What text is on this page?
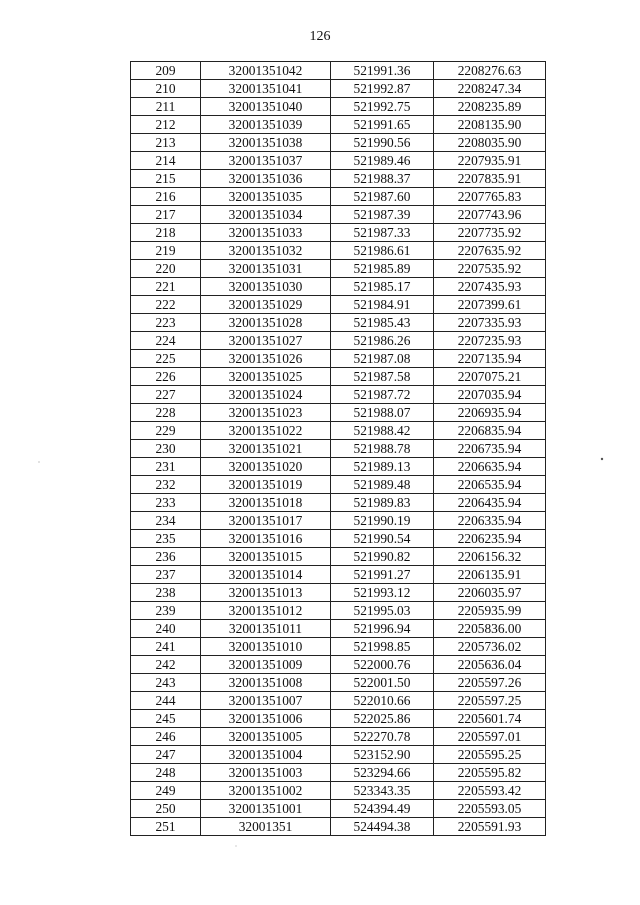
126
209	32001351042	521991.36	2208276.63
210	32001351041	521992.87	2208247.34
211	32001351040	521992.75	2208235.89
212	32001351039	521991.65	2208135.90
213	32001351038	521990.56	2208035.90
214	32001351037	521989.46	2207935.91
215	32001351036	521988.37	2207835.91
216	32001351035	521987.60	2207765.83
217	32001351034	521987.39	2207743.96
218	32001351033	521987.33	2207735.92
219	32001351032	521986.61	2207635.92
220	32001351031	521985.89	2207535.92
221	32001351030	521985.17	2207435.93
222	32001351029	521984.91	2207399.61
223	32001351028	521985.43	2207335.93
224	32001351027	521986.26	2207235.93
225	32001351026	521987.08	2207135.94
226	32001351025	521987.58	2207075.21
227	32001351024	521987.72	2207035.94
228	32001351023	521988.07	2206935.94
229	32001351022	521988.42	2206835.94
230	32001351021	521988.78	2206735.94
231	32001351020	521989.13	2206635.94
232	32001351019	521989.48	2206535.94
233	32001351018	521989.83	2206435.94
234	32001351017	521990.19	2206335.94
235	32001351016	521990.54	2206235.94
236	32001351015	521990.82	2206156.32
237	32001351014	521991.27	2206135.91
238	32001351013	521993.12	2206035.97
239	32001351012	521995.03	2205935.99
240	32001351011	521996.94	2205836.00
241	32001351010	521998.85	2205736.02
242	32001351009	522000.76	2205636.04
243	32001351008	522001.50	2205597.26
244	32001351007	522010.66	2205597.25
245	32001351006	522025.86	2205601.74
246	32001351005	522270.78	2205597.01
247	32001351004	523152.90	2205595.25
248	32001351003	523294.66	2205595.82
249	32001351002	523343.35	2205593.42
250	32001351001	524394.49	2205593.05
251	32001351	524494.38	2205591.93
